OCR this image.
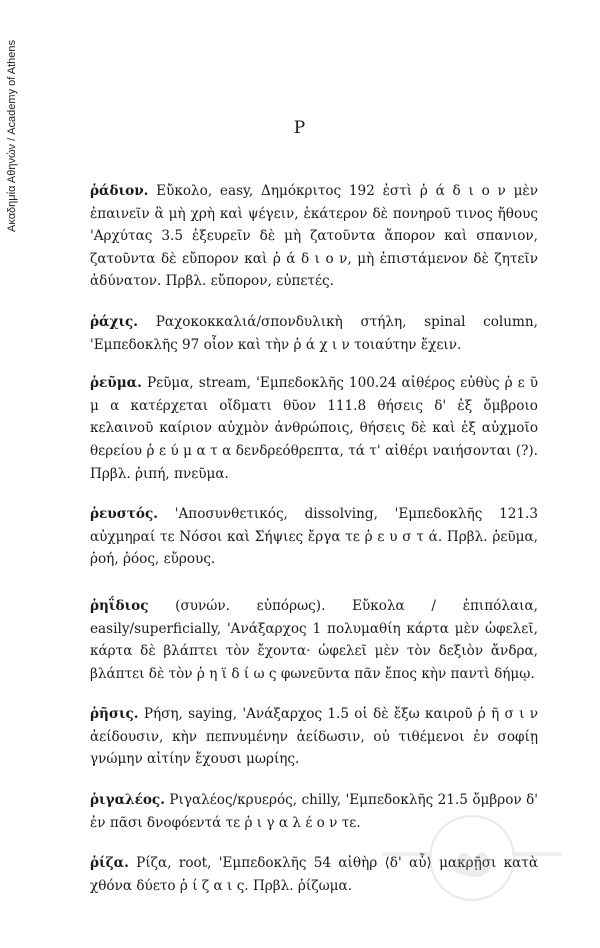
Ακαδημία Αθηνών / Academy of Athens	P

ῥάδιον. Εὔκολο, easy, Δημόκριτος 192 ἐστὶ ῥ ά δ ι ο ν μὲν ἐπαινεῖν ἃ μὴ χρὴ καὶ ψέγειν, ἑκάτερον δὲ πονηροῦ τινος ἤθους 'Αρχύτας 3.5 ἐξευρεῖν δὲ μὴ ζατοῦντα ἄπορον καὶ σπανιον, ζατοῦντα δὲ εὔπορον καὶ ῥ ά δ ι ο ν, μὴ ἐπιστάμενον δὲ ζητεῖν ἀδύνατον. Πρβλ. εὔπορον, εὐπετές.

ῥάχις. Ραχοκοκκαλιά/σπονδυλικὴ στήλη, spinal column, 'Εμπεδοκλῆς 97 οἷον καὶ τὴν ῥ ά χ ι ν τοιαύτην ἔχειν.

ῥεῦμα. Ρεῦμα, stream, 'Εμπεδοκλῆς 100.24 αἰθέρος εὐθὺς ῥ ε ῦ μ α κατέρχεται οἴδματι θῦον 111.8 θήσεις δ' ἐξ ὄμβροιο κελαινοῦ καίριον αὐχμὸν ἀνθρώποις, θήσεις δὲ καὶ ἐξ αὐχμοῖο θερείου ῥ ε ύ μ α τ α δενδρεόθρεπτα, τά τ' αἰθέρι ναιήσονται (?). Πρβλ. ῥιπή, πνεῦμα.

ῥευστός. 'Αποσυνθετικός, dissolving, 'Εμπεδοκλῆς 121.3 αὐχμηραί τε Νόσοι καὶ Σήψιες ἔργα τε ῥ ε υ σ τ ά. Πρβλ. ῥεῦμα, ῥοή, ῥόος, εὔρους.

ῥηΐδιος (συνών. εὐπόρως). Εὔκολα / ἐπιπόλαια, easily/superficially, 'Ανάξαρχος 1 πολυμαθίη κάρτα μὲν ὠφελεῖ, κάρτα δὲ βλάπτει τὸν ἔχοντα· ὠφελεῖ μὲν τὸν δεξιὸν ἄνδρα, βλάπτει δὲ τὸν ῥ η ϊ δ ί ω ς φωνεῦντα πᾶν ἔπος κὴν παντὶ δήμῳ.

ῥῆσις. Ρήση, saying, 'Ανάξαρχος 1.5 οἱ δὲ ἔξω καιροῦ ῥ ῆ σ ι ν ἀείδουσιν, κὴν πεπνυμένην ἀείδωσιν, οὐ τιθέμενοι ἐν σοφίῃ γνώμην αἰτίην ἔχουσι μωρίης.

ῥιγαλέος. Ριγαλέος/κρυερός, chilly, 'Εμπεδοκλῆς 21.5 ὄμβρον δ' ἐν πᾶσι δνοφόεντά τε ῥ ι γ α λ έ ο ν τε.

ῥίζα. Ρίζα, root, 'Εμπεδοκλῆς 54 αἰθὴρ ⟨δ' αὖ⟩ μακρῇσι κατὰ χθόνα δύετο ῥ ί ζ α ι ς. Πρβλ. ῥίζωμα.
